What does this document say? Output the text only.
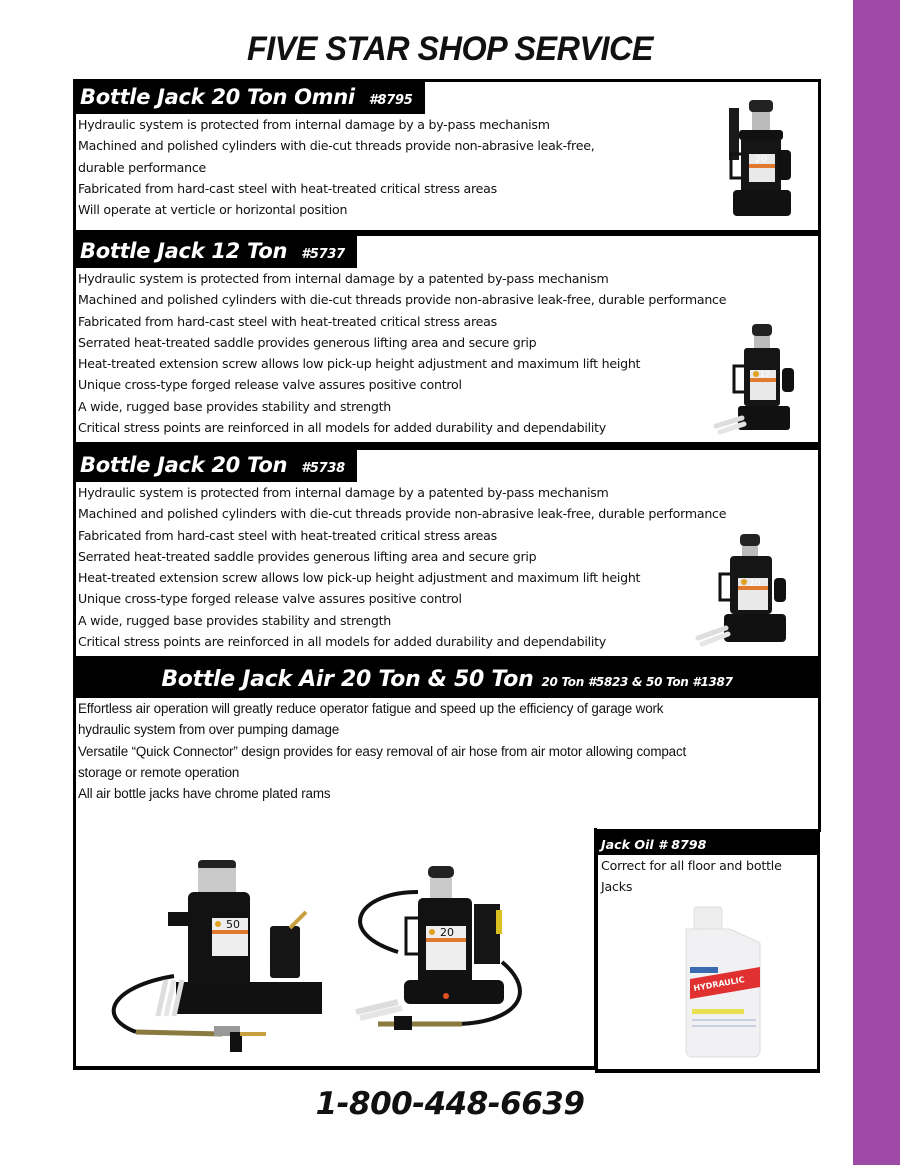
FIVE STAR SHOP SERVICE
Bottle Jack 20 Ton Omni #8795
Hydraulic system is protected from internal damage by a by-pass mechanism
Machined and polished cylinders with die-cut threads provide non-abrasive leak-free,
durable performance
Fabricated from hard-cast steel with heat-treated critical stress areas
Will operate at verticle or horizontal position
20
Bottle Jack 12 Ton #5737
Hydraulic system is protected from internal damage by a patented by-pass mechanism
Machined and polished cylinders with die-cut threads provide non-abrasive leak-free, durable performance
Fabricated from hard-cast steel with heat-treated critical stress areas
Serrated heat-treated saddle provides generous lifting area and secure grip
Heat-treated extension screw allows low pick-up height adjustment and maximum lift height
Unique cross-type forged release valve assures positive control
A wide, rugged base provides stability and strength
Critical stress points are reinforced in all models for added durability and dependability
12
Bottle Jack 20 Ton #5738
Hydraulic system is protected from internal damage by a patented by-pass mechanism
Machined and polished cylinders with die-cut threads provide non-abrasive leak-free, durable performance
Fabricated from hard-cast steel with heat-treated critical stress areas
Serrated heat-treated saddle provides generous lifting area and secure grip
Heat-treated extension screw allows low pick-up height adjustment and maximum lift height
Unique cross-type forged release valve assures positive control
A wide, rugged base provides stability and strength
Critical stress points are reinforced in all models for added durability and dependability
20
Bottle Jack Air 20 Ton & 50 Ton 20 Ton #5823 & 50 Ton #1387
Effortless air operation will greatly reduce operator fatigue and speed up the efficiency of garage work
hydraulic system from over pumping damage
Versatile “Quick Connector” design provides for easy removal of air hose from air motor allowing compact
storage or remote operation
All air bottle jacks have chrome plated rams
50
20
Jack Oil # 8798
Correct for all floor and bottle Jacks
HYDRAULIC
1-800-448-6639
